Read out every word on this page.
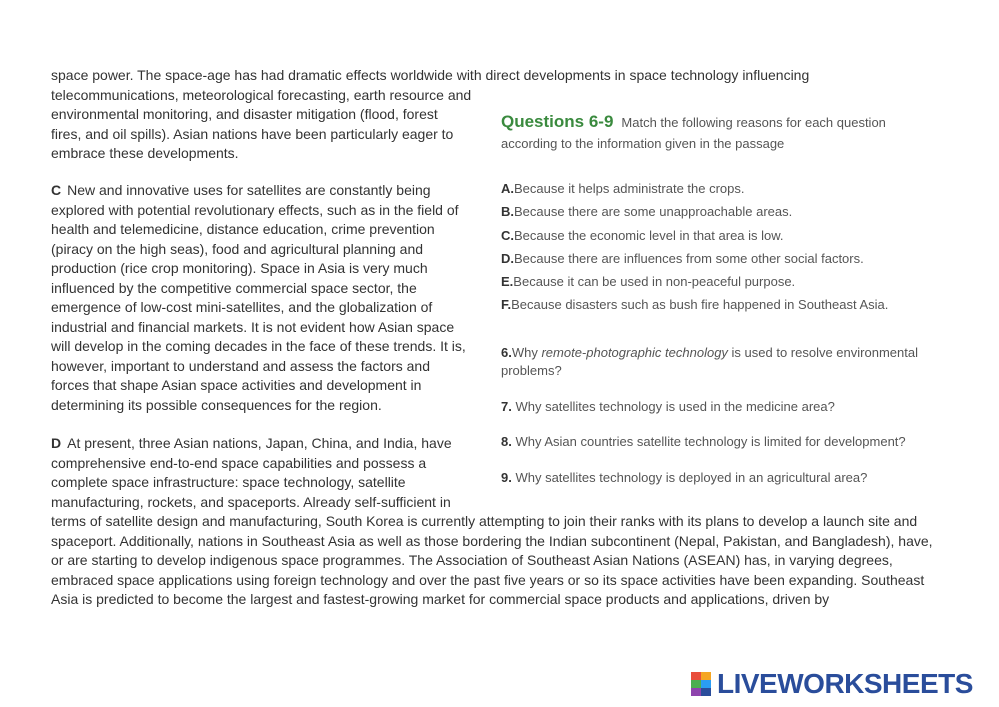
space power. The space-age has had dramatic effects worldwide with direct developments in space technology influencing
telecommunications, meteorological forecasting, earth resource and
environmental monitoring, and disaster mitigation (flood, forest
fires, and oil spills). Asian nations have been particularly eager to
embrace these developments.
C New and innovative uses for satellites are constantly being
explored with potential revolutionary effects, such as in the field of
health and telemedicine, distance education, crime prevention
(piracy on the high seas), food and agricultural planning and
production (rice crop monitoring). Space in Asia is very much
influenced by the competitive commercial space sector, the
emergence of low-cost mini-satellites, and the globalization of
industrial and financial markets. It is not evident how Asian space
will develop in the coming decades in the face of these trends. It is,
however, important to understand and assess the factors and
forces that shape Asian space activities and development in
determining its possible consequences for the region.
D At present, three Asian nations, Japan, China, and India, have
comprehensive end-to-end space capabilities and possess a
complete space infrastructure: space technology, satellite
manufacturing, rockets, and spaceports. Already self-sufficient in
terms of satellite design and manufacturing, South Korea is currently attempting to join their ranks with its plans to develop a launch site and
spaceport. Additionally, nations in Southeast Asia as well as those bordering the Indian subcontinent (Nepal, Pakistan, and Bangladesh), have,
or are starting to develop indigenous space programmes. The Association of Southeast Asian Nations (ASEAN) has, in varying degrees,
embraced space applications using foreign technology and over the past five years or so its space activities have been expanding. Southeast
Asia is predicted to become the largest and fastest-growing market for commercial space products and applications, driven by
Questions 6-9 Match the following reasons for each question
according to the information given in the passage
A.Because it helps administrate the crops.
B.Because there are some unapproachable areas.
C.Because the economic level in that area is low.
D.Because there are influences from some other social factors.
E.Because it can be used in non-peaceful purpose.
F.Because disasters such as bush fire happened in Southeast Asia.
6.Why remote-photographic technology is used to resolve environmental
problems?
7. Why satellites technology is used in the medicine area?
8. Why Asian countries satellite technology is limited for development?
9. Why satellites technology is deployed in an agricultural area?
LIVEWORKSHEETS
